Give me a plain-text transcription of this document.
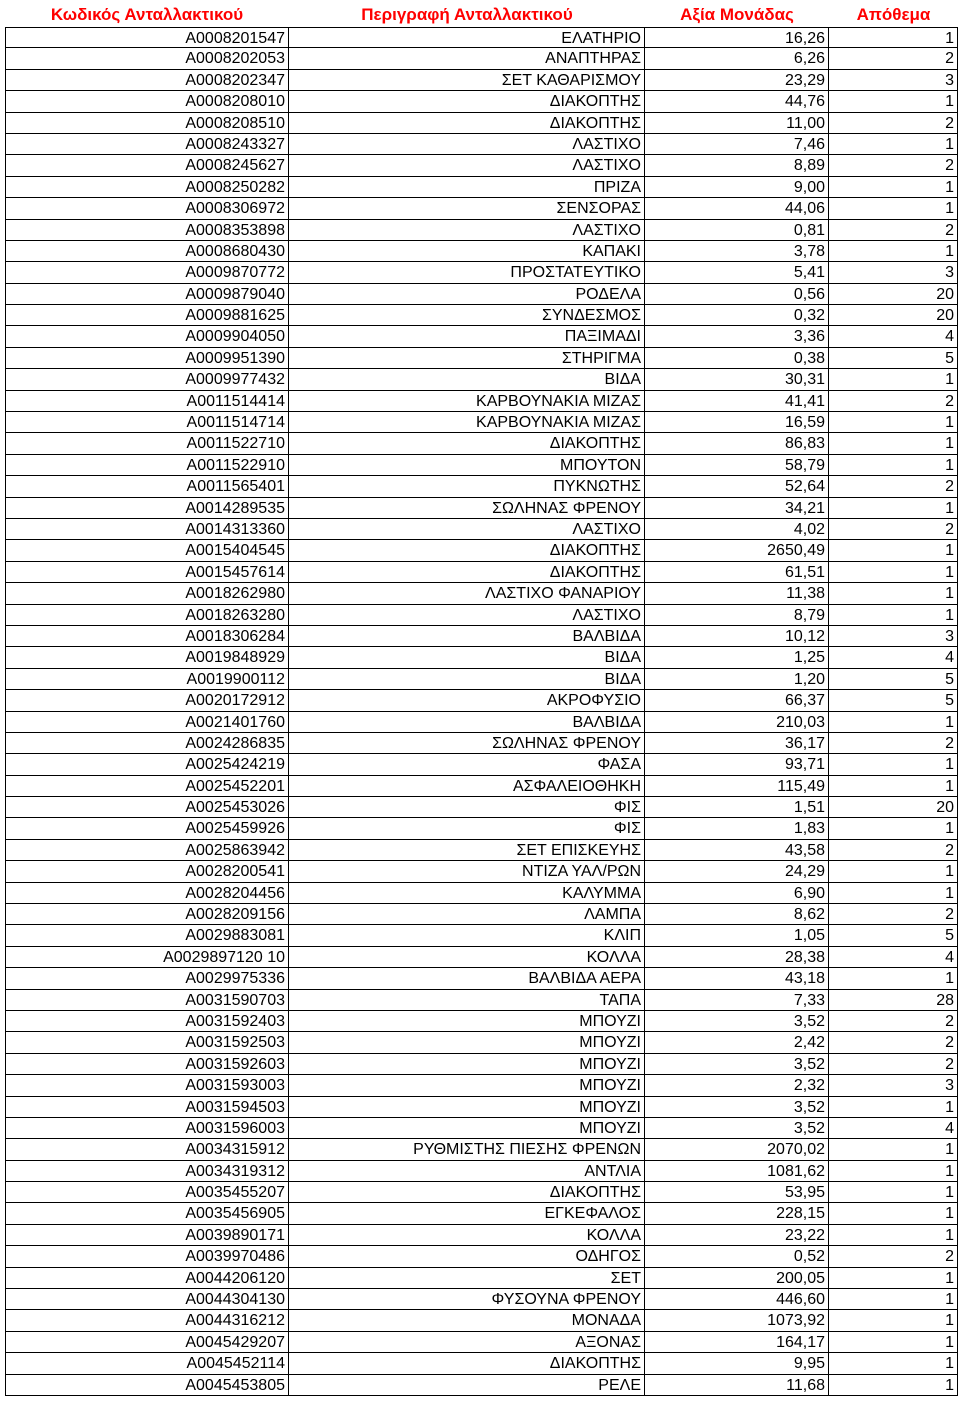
Κωδικός Ανταλλακτικού	Περιγραφή Ανταλλακτικού	Αξία Μονάδας	Απόθεμα
A0008201547	ΕΛΑΤΗΡΙΟ	16,26	1
A0008202053	ΑΝΑΠΤΗΡΑΣ	6,26	2
A0008202347	ΣΕΤ ΚΑΘΑΡΙΣΜΟΥ	23,29	3
A0008208010	ΔΙΑΚΟΠΤΗΣ	44,76	1
A0008208510	ΔΙΑΚΟΠΤΗΣ	11,00	2
A0008243327	ΛΑΣΤΙΧΟ	7,46	1
A0008245627	ΛΑΣΤΙΧΟ	8,89	2
A0008250282	ΠΡΙΖΑ	9,00	1
A0008306972	ΣΕΝΣΟΡΑΣ	44,06	1
A0008353898	ΛΑΣΤΙΧΟ	0,81	2
A0008680430	ΚΑΠΑΚΙ	3,78	1
A0009870772	ΠΡΟΣΤΑΤΕΥΤΙΚΟ	5,41	3
A0009879040	ΡΟΔΕΛΑ	0,56	20
A0009881625	ΣΥΝΔΕΣΜΟΣ	0,32	20
A0009904050	ΠΑΞΙΜΑΔΙ	3,36	4
A0009951390	ΣΤΗΡΙΓΜΑ	0,38	5
A0009977432	ΒΙΔΑ	30,31	1
A0011514414	ΚΑΡΒΟΥΝΑΚΙΑ ΜΙΖΑΣ	41,41	2
A0011514714	ΚΑΡΒΟΥΝΑΚΙΑ ΜΙΖΑΣ	16,59	1
A0011522710	ΔΙΑΚΟΠΤΗΣ	86,83	1
A0011522910	ΜΠΟΥΤΟΝ	58,79	1
A0011565401	ΠΥΚΝΩΤΗΣ	52,64	2
A0014289535	ΣΩΛΗΝΑΣ ΦΡΕΝΟΥ	34,21	1
A0014313360	ΛΑΣΤΙΧΟ	4,02	2
A0015404545	ΔΙΑΚΟΠΤΗΣ	2650,49	1
A0015457614	ΔΙΑΚΟΠΤΗΣ	61,51	1
A0018262980	ΛΑΣΤΙΧΟ ΦΑΝΑΡΙΟΥ	11,38	1
A0018263280	ΛΑΣΤΙΧΟ	8,79	1
A0018306284	ΒΑΛΒΙΔΑ	10,12	3
A0019848929	ΒΙΔΑ	1,25	4
A0019900112	ΒΙΔΑ	1,20	5
A0020172912	ΑΚΡΟΦΥΣΙΟ	66,37	5
A0021401760	ΒΑΛΒΙΔΑ	210,03	1
A0024286835	ΣΩΛΗΝΑΣ ΦΡΕΝΟΥ	36,17	2
A0025424219	ΦΑΣΑ	93,71	1
A0025452201	ΑΣΦΑΛΕΙΟΘΗΚΗ	115,49	1
A0025453026	ΦΙΣ	1,51	20
A0025459926	ΦΙΣ	1,83	1
A0025863942	ΣΕΤ ΕΠΙΣΚΕΥΗΣ	43,58	2
A0028200541	ΝΤΙΖΑ ΥΑΛ/ΡΩΝ	24,29	1
A0028204456	ΚΑΛΥΜΜΑ	6,90	1
A0028209156	ΛΑΜΠΑ	8,62	2
A0029883081	ΚΛΙΠ	1,05	5
A0029897120 10	ΚΟΛΛΑ	28,38	4
A0029975336	ΒΑΛΒΙΔΑ ΑΕΡΑ	43,18	1
A0031590703	ΤΑΠΑ	7,33	28
A0031592403	ΜΠΟΥΖΙ	3,52	2
A0031592503	ΜΠΟΥΖΙ	2,42	2
A0031592603	ΜΠΟΥΖΙ	3,52	2
A0031593003	ΜΠΟΥΖΙ	2,32	3
A0031594503	ΜΠΟΥΖΙ	3,52	1
A0031596003	ΜΠΟΥΖΙ	3,52	4
A0034315912	ΡΥΘΜΙΣΤΗΣ ΠΙΕΣΗΣ ΦΡΕΝΩΝ	2070,02	1
A0034319312	ΑΝΤΛΙΑ	1081,62	1
A0035455207	ΔΙΑΚΟΠΤΗΣ	53,95	1
A0035456905	ΕΓΚΕΦΑΛΟΣ	228,15	1
A0039890171	ΚΟΛΛΑ	23,22	1
A0039970486	ΟΔΗΓΟΣ	0,52	2
A0044206120	ΣΕΤ	200,05	1
A0044304130	ΦΥΣΟΥΝΑ ΦΡΕΝΟΥ	446,60	1
A0044316212	ΜΟΝΑΔΑ	1073,92	1
A0045429207	ΑΞΟΝΑΣ	164,17	1
A0045452114	ΔΙΑΚΟΠΤΗΣ	9,95	1
A0045453805	ΡΕΛΕ	11,68	1
